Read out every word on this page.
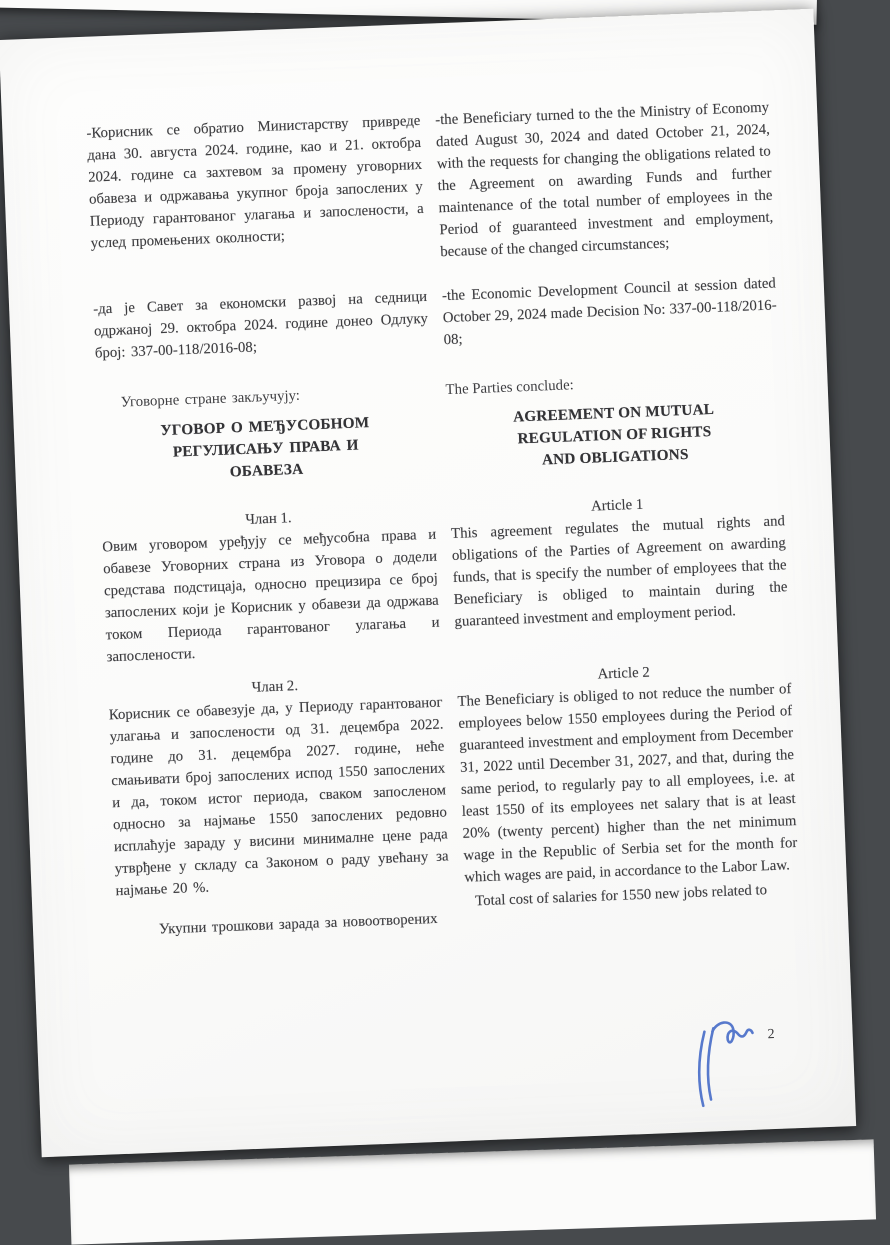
-Корисник се обратио Министарству привреде дана 30. августа 2024. године, као и 21. октобра 2024. године са захтевом за промену уговорних обавеза и одржавања укупног броја запослених у Периоду гарантованог улагања и запослености, а услед промењених околности;

-the Beneficiary turned to the the Ministry of Economy dated August 30, 2024 and dated October 21, 2024, with the requests for changing the obligations related to the Agreement on awarding Funds and further maintenance of the total number of employees in the Period of guaranteed investment and employment, because of the changed circumstances;

-да је Савет за економски развој на седници одржаној 29. октобра 2024. године донео Одлуку број: 337-00-118/2016-08;

-the Economic Development Council at session dated October 29, 2024 made Decision No: 337-00-118/2016-08;

Уговорне стране закључују:

The Parties conclude:

УГОВОР О МЕЂУСОБНОМ РЕГУЛИСАЊУ ПРАВА И ОБАВЕЗА
AGREEMENT ON MUTUAL REGULATION OF RIGHTS AND OBLIGATIONS

Члан 1.

Овим уговором уређују се међусобна права и обавезе Уговорних страна из Уговора о додели средстава подстицаја, односно прецизира се број запослених који је Корисник у обавези да одржава током Периода гарантованог улагања и запослености.

Article 1

This agreement regulates the mutual rights and obligations of the Parties of Agreement on awarding funds, that is specify the number of employees that the Beneficiary is obliged to maintain during the guaranteed investment and employment period.

Члан 2.

Корисник се обавезује да, у Периоду гарантованог улагања и запослености од 31. децембра 2022. године до 31. децембра 2027. године, неће смањивати број запослених испод 1550 запослених и да, током истог периода, сваком запосленом односно за најмање 1550 запослених редовно исплаћује зараду у висини минималне цене рада утврђене у складу са Законом о раду увећану за најмање 20 %.

Article 2

The Beneficiary is obliged to not reduce the number of employees below 1550 employees during the Period of guaranteed investment and employment from December 31, 2022 until December 31, 2027, and that, during the same period, to regularly pay to all employees, i.e. at least 1550 of its employees net salary that is at least 20% (twenty percent) higher than the net minimum wage in the Republic of Serbia set for the month for which wages are paid, in accordance to the Labor Law.

Укупни трошкови зарада за новоотворених

Total cost of salaries for 1550 new jobs related to

2
